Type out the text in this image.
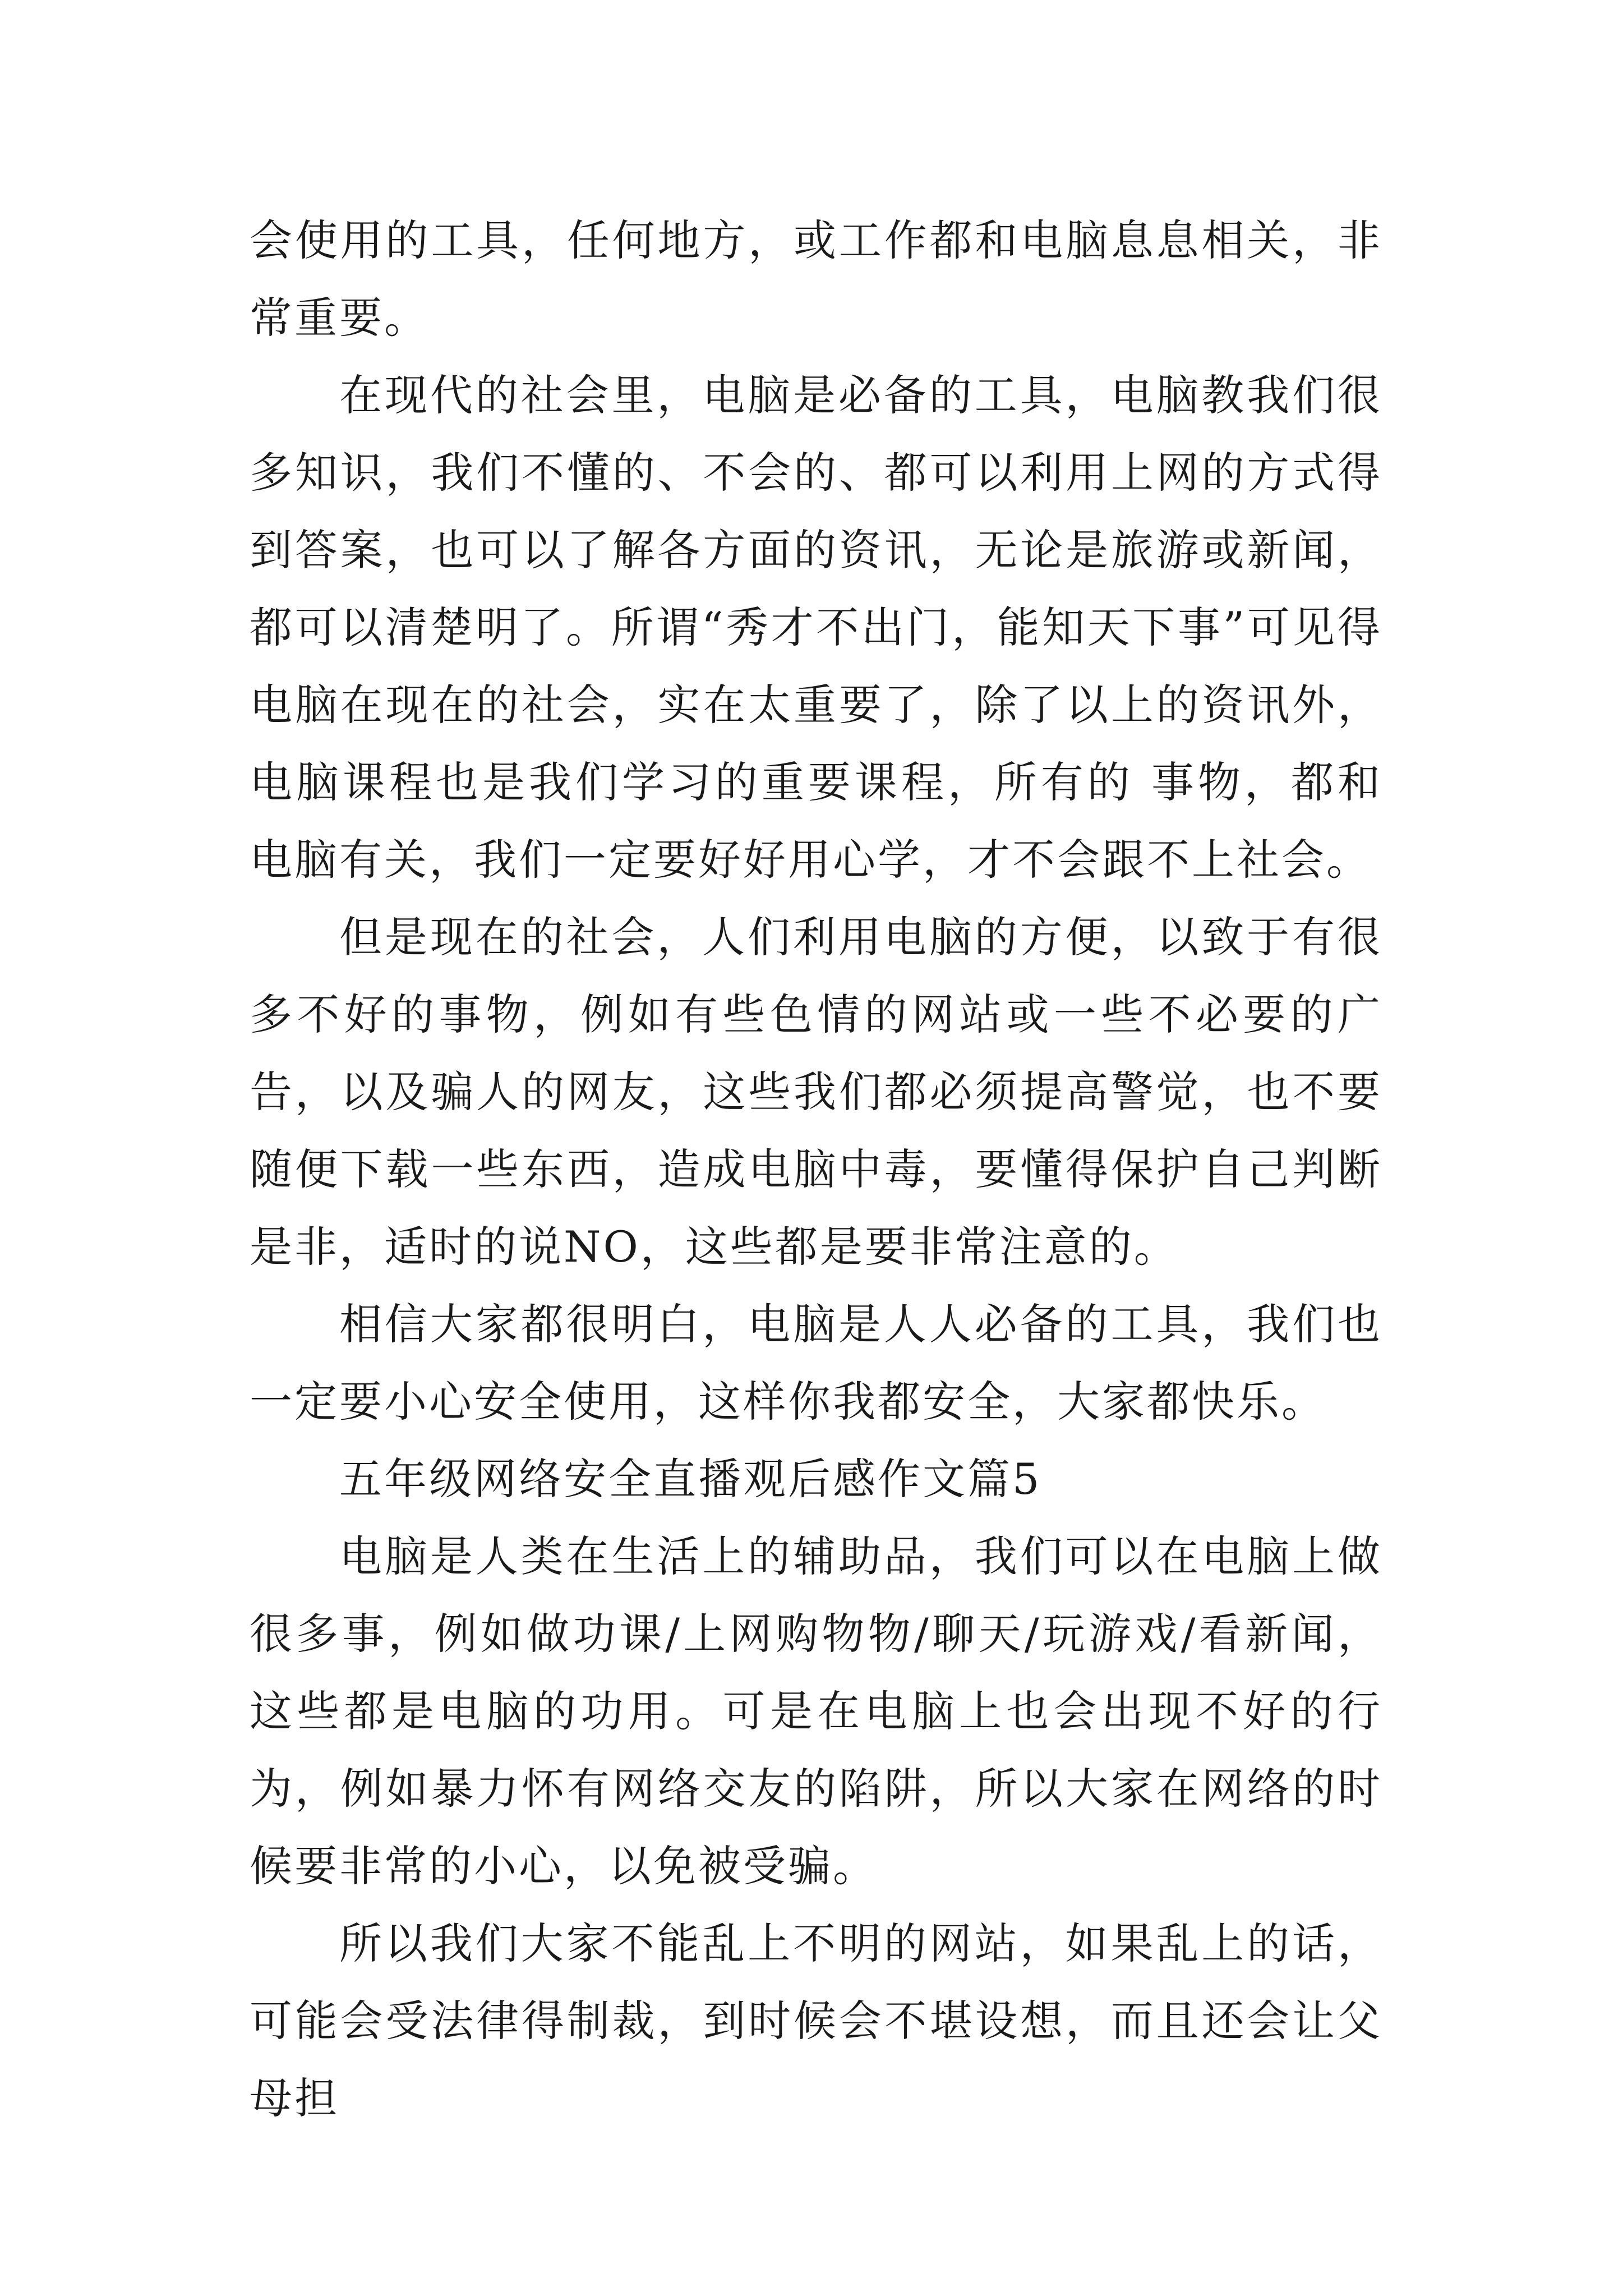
会使用的工具，任何地方，或工作都和电脑息息相关，非常重要。

在现代的社会里，电脑是必备的工具，电脑教我们很多知识，我们不懂的、不会的、都可以利用上网的方式得到答案，也可以了解各方面的资讯，无论是旅游或新闻，都可以清楚明了。所谓“秀才不出门，能知天下事”可见得电脑在现在的社会，实在太重要了，除了以上的资讯外，电脑课程也是我们学习的重要课程，所有的 事物，都和电脑有关，我们一定要好好用心学，才不会跟不上社会。

但是现在的社会，人们利用电脑的方便，以致于有很多不好的事物，例如有些色情的网站或一些不必要的广告，以及骗人的网友，这些我们都必须提高警觉，也不要随便下载一些东西，造成电脑中毒，要懂得保护自己判断是非，适时的说NO，这些都是要非常注意的。

相信大家都很明白，电脑是人人必备的工具，我们也一定要小心安全使用，这样你我都安全，大家都快乐。

五年级网络安全直播观后感作文篇5

电脑是人类在生活上的辅助品，我们可以在电脑上做很多事，例如做功课/上网购物物/聊天/玩游戏/看新闻，这些都是电脑的功用。可是在电脑上也会出现不好的行为，例如暴力怀有网络交友的陷阱，所以大家在网络的时候要非常的小心，以免被受骗。

所以我们大家不能乱上不明的网站，如果乱上的话，可能会受法律得制裁，到时候会不堪设想，而且还会让父母担
